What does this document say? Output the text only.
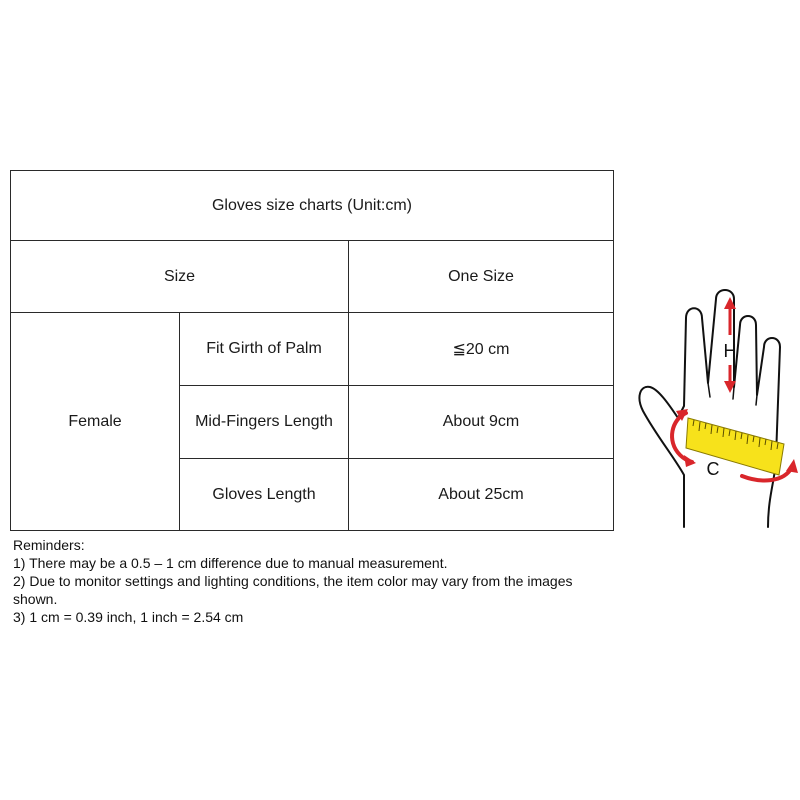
Gloves size charts (Unit:cm)		
Size		One Size
Female	Fit Girth of Palm	≦20 cm
	Mid-Fingers Length	About 9cm
	Gloves Length	About 25cm
Reminders:
1) There may be a 0.5 – 1 cm difference due to manual measurement.
2) Due to monitor settings and lighting conditions, the item color may vary from the images shown.
3) 1 cm = 0.39 inch, 1 inch = 2.54 cm
H
C
